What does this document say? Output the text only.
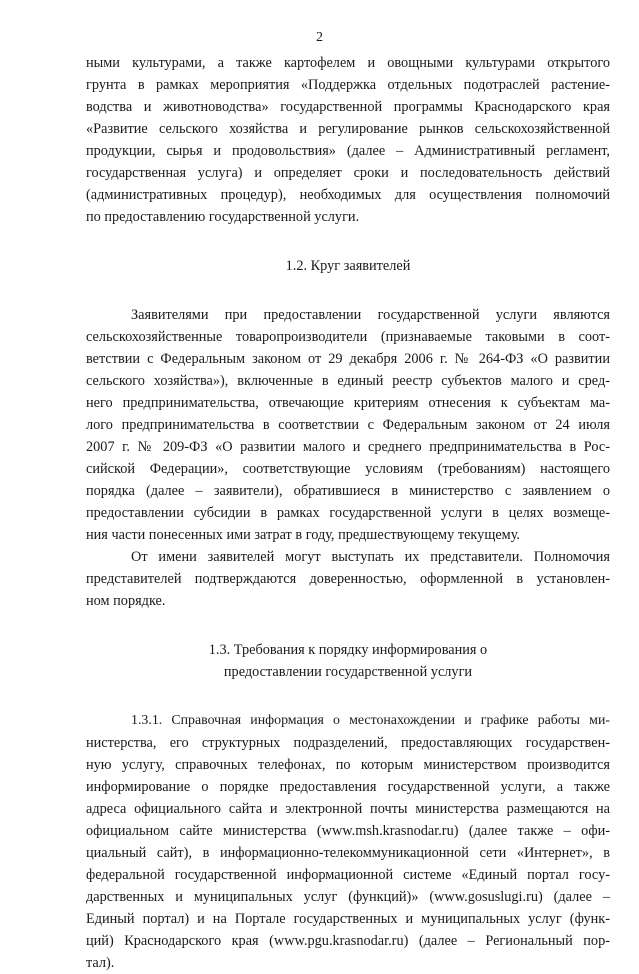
2
ными культурами, а также картофелем и овощными культурами открытого
грунта в рамках мероприятия «Поддержка отдельных подотраслей растение-
водства и животноводства» государственной программы Краснодарского края
«Развитие сельского хозяйства и регулирование рынков сельскохозяйственной
продукции, сырья и продовольствия» (далее – Административный регламент,
государственная услуга) и определяет сроки и последовательность действий
(административных процедур), необходимых для осуществления полномочий
по предоставлению государственной услуги.
1.2. Круг заявителей
Заявителями при предоставлении государственной услуги являются
сельскохозяйственные товаропроизводители (признаваемые таковыми в соот-
ветствии с Федеральным законом от 29 декабря 2006 г. № 264-ФЗ «О развитии
сельского хозяйства»), включенные в единый реестр субъектов малого и сред-
него предпринимательства, отвечающие критериям отнесения к субъектам ма-
лого предпринимательства в соответствии с Федеральным законом от 24 июля
2007 г. № 209-ФЗ «О развитии малого и среднего предпринимательства в Рос-
сийской Федерации», соответствующие условиям (требованиям) настоящего
порядка (далее – заявители), обратившиеся в министерство с заявлением о
предоставлении субсидии в рамках государственной услуги в целях возмеще-
ния части понесенных ими затрат в году, предшествующему текущему.
От имени заявителей могут выступать их представители. Полномочия
представителей подтверждаются доверенностью, оформленной в установлен-
ном порядке.
1.3. Требования к порядку информирования о
предоставлении государственной услуги
1.3.1. Справочная информация о местонахождении и графике работы ми-
нистерства, его структурных подразделений, предоставляющих государствен-
ную услугу, справочных телефонах, по которым министерством производится
информирование о порядке предоставления государственной услуги, а также
адреса официального сайта и электронной почты министерства размещаются на
официальном сайте министерства (www.msh.krasnodar.ru) (далее также – офи-
циальный сайт), в информационно-телекоммуникационной сети «Интернет», в
федеральной государственной информационной системе «Единый портал госу-
дарственных и муниципальных услуг (функций)» (www.gosuslugi.ru) (далее –
Единый портал) и на Портале государственных и муниципальных услуг (функ-
ций) Краснодарского края (www.pgu.krasnodar.ru) (далее – Региональный пор-
тал).
